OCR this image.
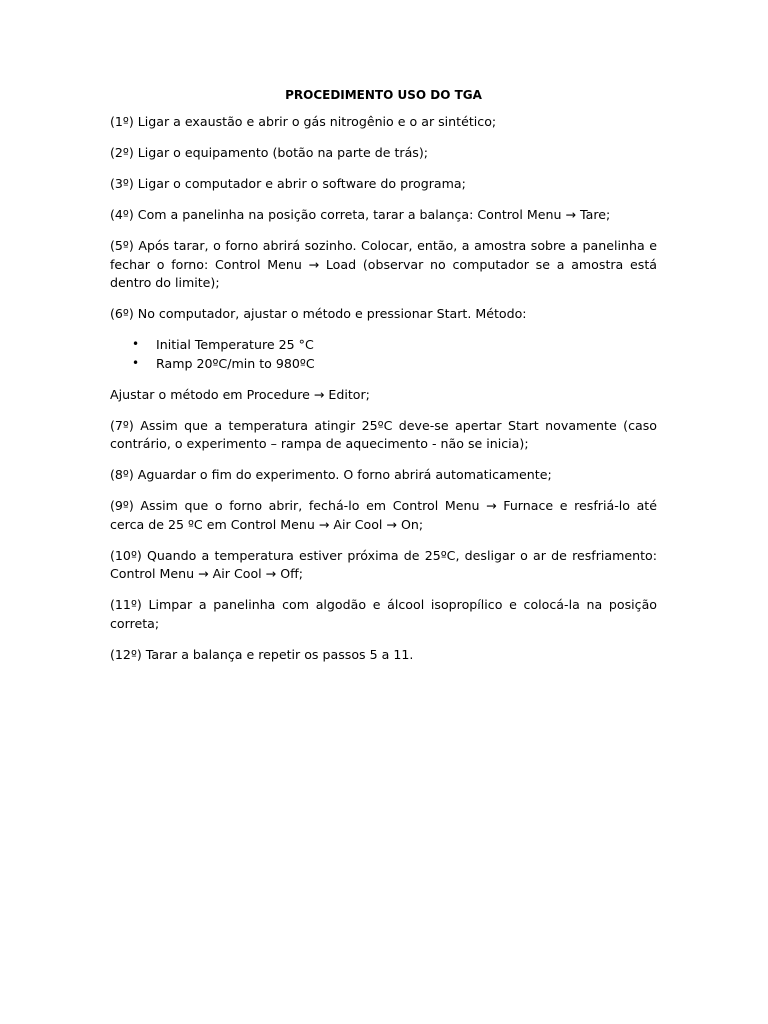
PROCEDIMENTO USO DO TGA

(1º) Ligar a exaustão e abrir o gás nitrogênio e o ar sintético;

(2º) Ligar o equipamento (botão na parte de trás);

(3º) Ligar o computador e abrir o software do programa;

(4º) Com a panelinha na posição correta, tarar a balança: Control Menu → Tare;

(5º) Após tarar, o forno abrirá sozinho. Colocar, então, a amostra sobre a panelinha e fechar o forno: Control Menu → Load (observar no computador se a amostra está dentro do limite);

(6º) No computador, ajustar o método e pressionar Start. Método:

• Initial Temperature 25 °C
• Ramp 20ºC/min to 980ºC

Ajustar o método em Procedure → Editor;

(7º) Assim que a temperatura atingir 25ºC deve-se apertar Start novamente (caso contrário, o experimento – rampa de aquecimento - não se inicia);

(8º) Aguardar o fim do experimento. O forno abrirá automaticamente;

(9º) Assim que o forno abrir, fechá-lo em Control Menu → Furnace e resfriá-lo até cerca de 25 ºC em Control Menu → Air Cool → On;

(10º) Quando a temperatura estiver próxima de 25ºC, desligar o ar de resfriamento: Control Menu → Air Cool → Off;

(11º) Limpar a panelinha com algodão e álcool isopropílico e colocá-la na posição correta;

(12º) Tarar a balança e repetir os passos 5 a 11.
